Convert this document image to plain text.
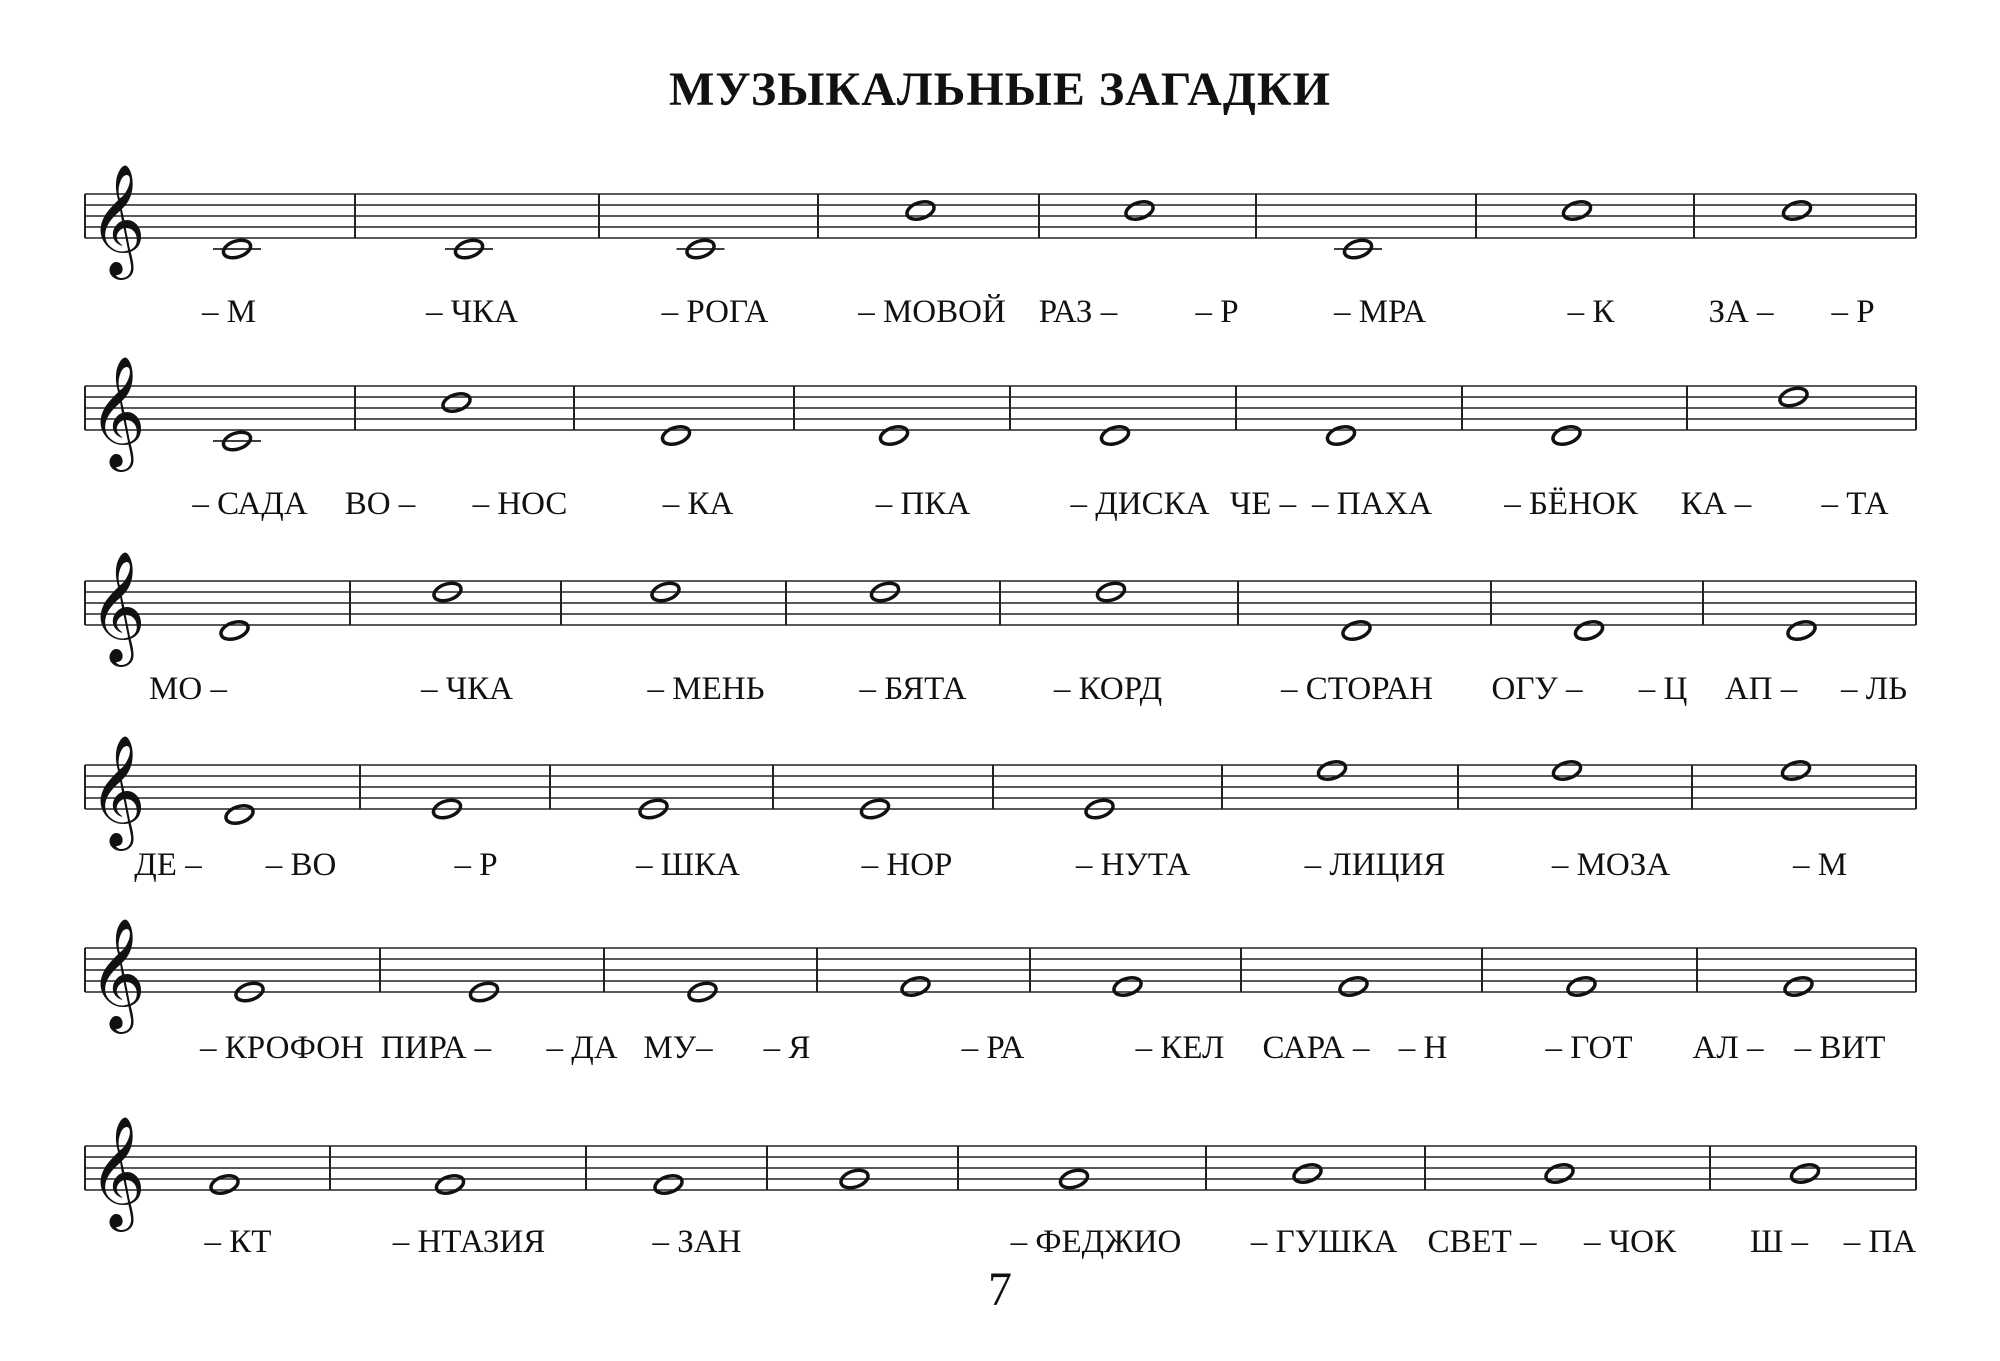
МУЗЫКАЛЬНЫЕ ЗАГАДКИ
𝄞
– М	– ЧКА	– РОГА	– МОВОЙ РАЗ – – Р	– МРА	– К	ЗА – – Р
𝄞
– САДА ВО – – НОС	– КА	– ПКА	– ДИСКА ЧЕ – – ПАХА – БЁНОК КА – – ТА
𝄞
МО –	– ЧКА	– МЕНЬ	– БЯТА	– КОРД	– СТОРАН ОГУ – – Ц АП – – ЛЬ
𝄞
ДЕ – – ВО	– Р	– ШКА	– НОР	– НУТА	– ЛИЦИЯ	– МОЗА	– М
𝄞
– КРОФОН ПИРА – – ДА МУ– – Я	– РА	– КЕЛ САРА – – Н	– ГОТ АЛ – – ВИТ
𝄞
– КТ	– НТАЗИЯ	– ЗАН	– ФЕДЖИО – ГУШКА СВЕТ – – ЧОК Ш – – ПА
7
